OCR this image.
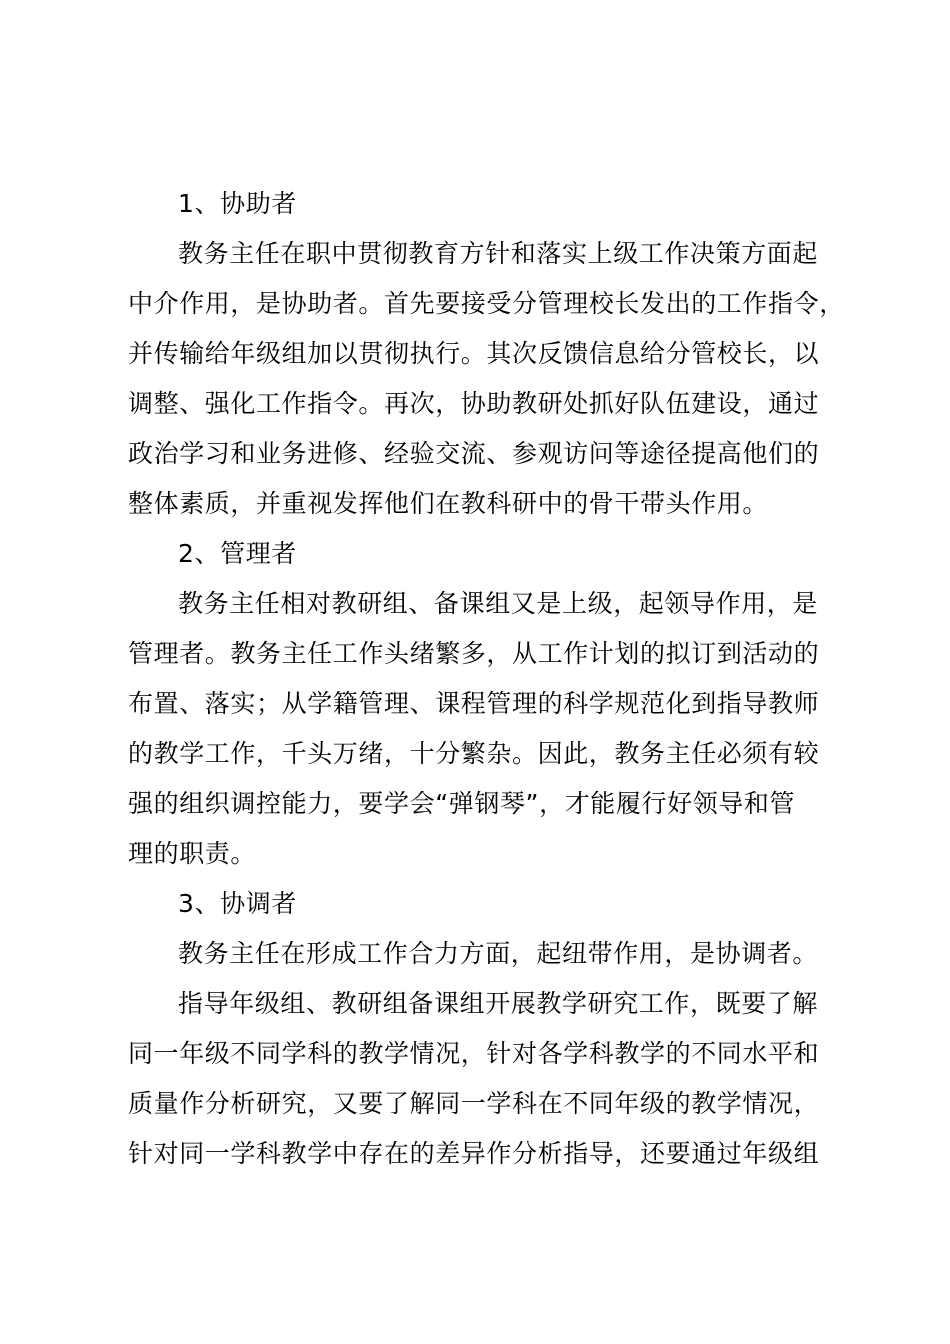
1、协助者
教务主任在职中贯彻教育方针和落实上级工作决策方面起
中介作用，是协助者。首先要接受分管理校长发出的工作指令，
并传输给年级组加以贯彻执行。其次反馈信息给分管校长，以
调整、强化工作指令。再次，协助教研处抓好队伍建设，通过
政治学习和业务进修、经验交流、参观访问等途径提高他们的
整体素质，并重视发挥他们在教科研中的骨干带头作用。
2、管理者
教务主任相对教研组、备课组又是上级，起领导作用，是
管理者。教务主任工作头绪繁多，从工作计划的拟订到活动的
布置、落实；从学籍管理、课程管理的科学规范化到指导教师
的教学工作，千头万绪，十分繁杂。因此，教务主任必须有较
强的组织调控能力，要学会“弹钢琴”，才能履行好领导和管
理的职责。
3、协调者
教务主任在形成工作合力方面，起纽带作用，是协调者。
指导年级组、教研组备课组开展教学研究工作，既要了解
同一年级不同学科的教学情况，针对各学科教学的不同水平和
质量作分析研究，又要了解同一学科在不同年级的教学情况，
针对同一学科教学中存在的差异作分析指导，还要通过年级组
